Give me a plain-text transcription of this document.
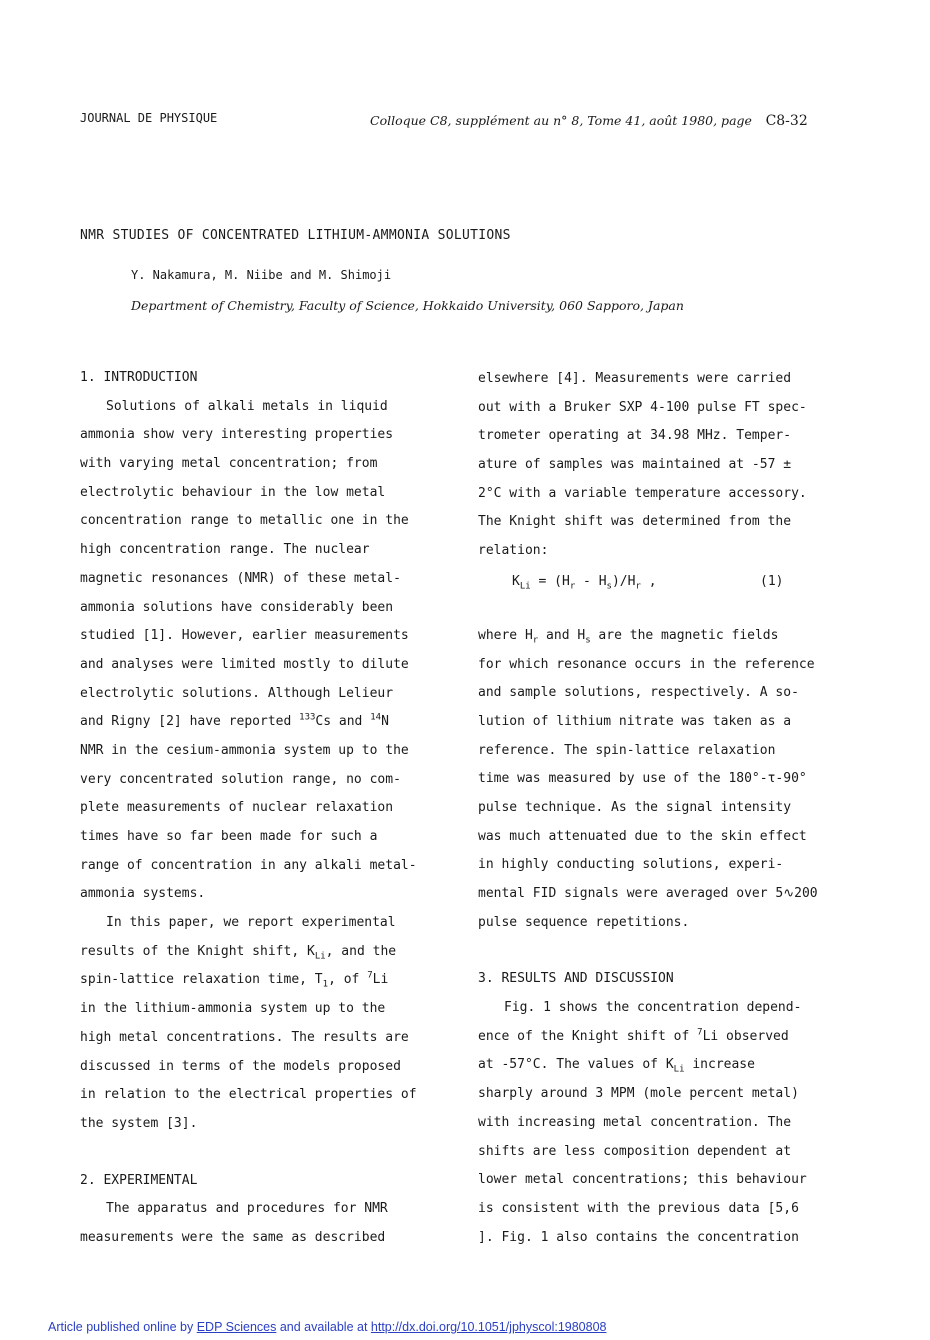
JOURNAL DE PHYSIQUE	Colloque C8, supplément au n° 8, Tome 41, août 1980, page C8-32
NMR STUDIES OF CONCENTRATED LITHIUM-AMMONIA SOLUTIONS
Y. Nakamura, M. Niibe and M. Shimoji
Department of Chemistry, Faculty of Science, Hokkaido University, 060 Sapporo, Japan
1. INTRODUCTION
Solutions of alkali metals in liquid
ammonia show very interesting properties
with varying metal concentration; from
electrolytic behaviour in the low metal
concentration range to metallic one in the
high concentration range. The nuclear
magnetic resonances (NMR) of these metal-
ammonia solutions have considerably been
studied [1]. However, earlier measurements
and analyses were limited mostly to dilute
electrolytic solutions. Although Lelieur
and Rigny [2] have reported $^{133}$Cs and $^{14}$N
NMR in the cesium-ammonia system up to the
very concentrated solution range, no com-
plete measurements of nuclear relaxation
times have so far been made for such a
range of concentration in any alkali metal-
ammonia systems.
In this paper, we report experimental
results of the Knight shift, $K_{Li}$, and the
spin-lattice relaxation time, $T_1$, of $^7$Li
in the lithium-ammonia system up to the
high metal concentrations. The results are
discussed in terms of the models proposed
in relation to the electrical properties of
the system [3].
2. EXPERIMENTAL
The apparatus and procedures for NMR
measurements were the same as described
elsewhere [4]. Measurements were carried
out with a Bruker SXP 4-100 pulse FT spec-
trometer operating at 34.98 MHz. Temper-
ature of samples was maintained at -57 ±
2°C with a variable temperature accessory.
The Knight shift was determined from the
relation:
$K_{Li} = (H_r - H_s)/H_r$ ,	(1)
where $H_r$ and $H_s$ are the magnetic fields
for which resonance occurs in the reference
and sample solutions, respectively. A so-
lution of lithium nitrate was taken as a
reference. The spin-lattice relaxation
time was measured by use of the 180°-τ-90°
pulse technique. As the signal intensity
was much attenuated due to the skin effect
in highly conducting solutions, experi-
mental FID signals were averaged over 5∿200
pulse sequence repetitions.
3. RESULTS AND DISCUSSION
Fig. 1 shows the concentration depend-
ence of the Knight shift of $^7$Li observed
at -57°C. The values of $K_{Li}$ increase
sharply around 3 MPM (mole percent metal)
with increasing metal concentration. The
shifts are less composition dependent at
lower metal concentrations; this behaviour
is consistent with the previous data [5,6
]. Fig. 1 also contains the concentration
Article published online by EDP Sciences and available at http://dx.doi.org/10.1051/jphyscol:1980808
